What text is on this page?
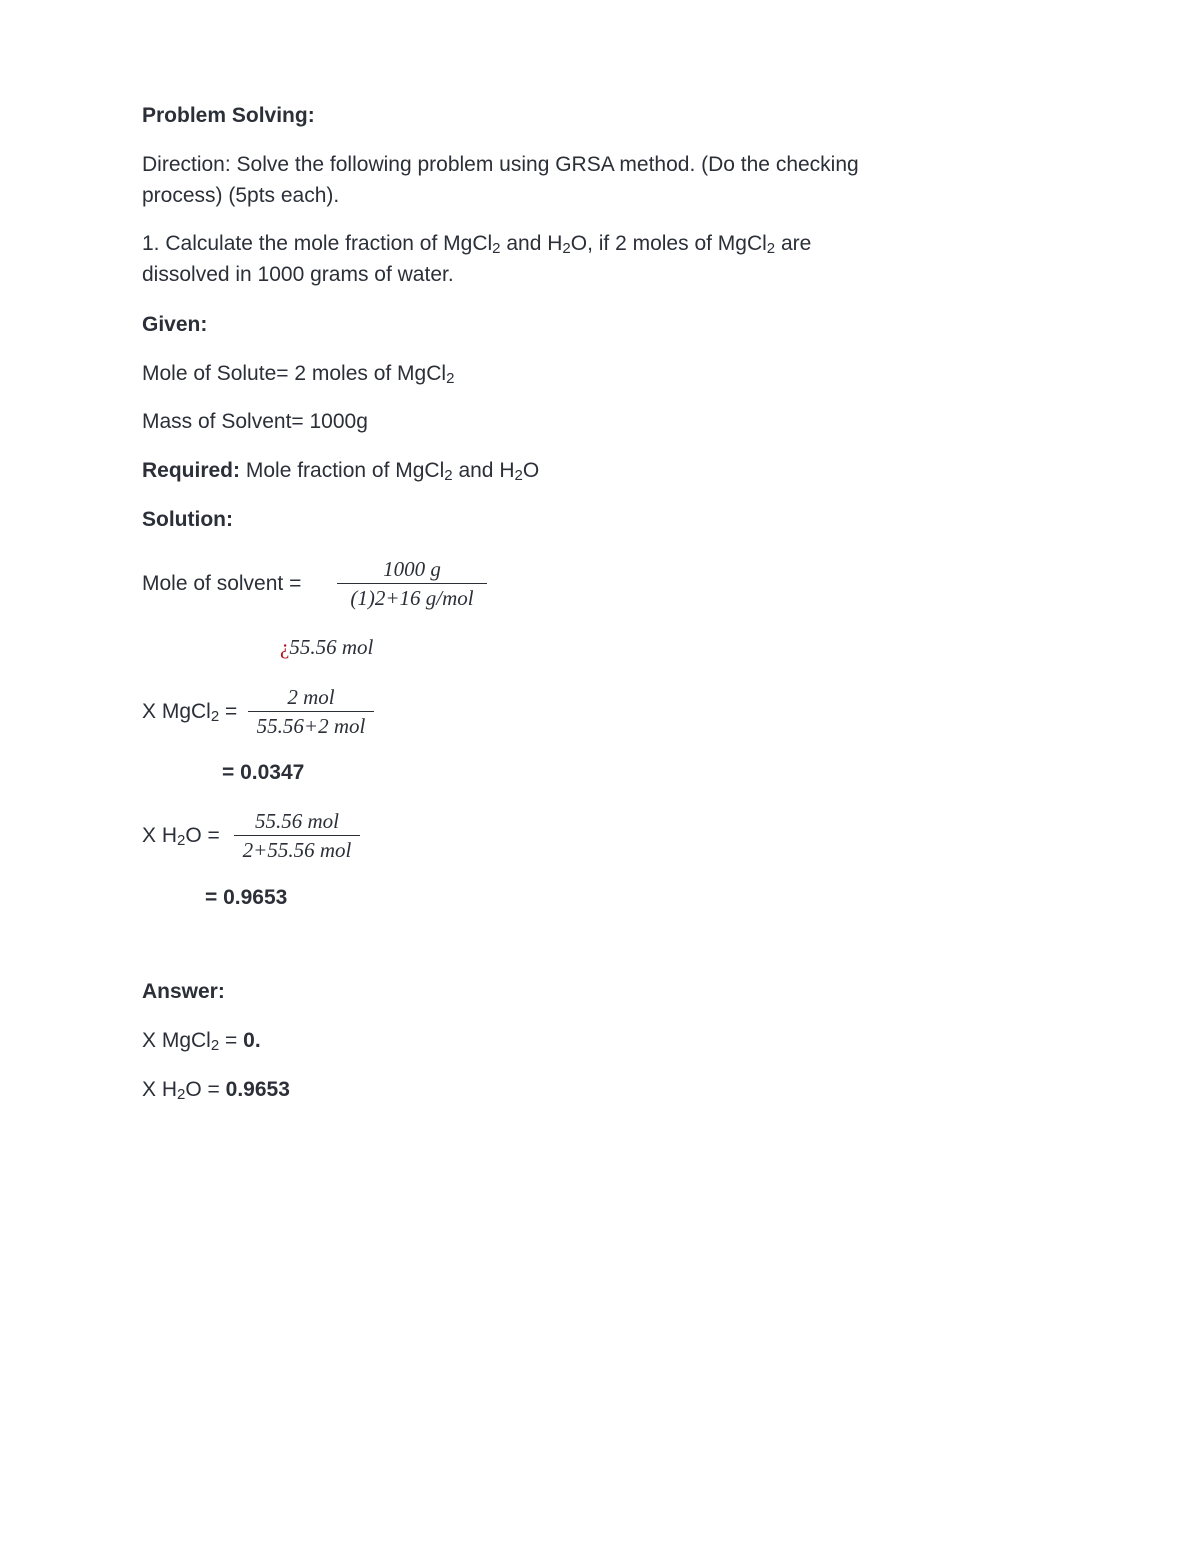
Problem Solving:
Direction: Solve the following problem using GRSA method. (Do the checking
process) (5pts each).
1. Calculate the mole fraction of MgCl$_2$ and $H_2O$, if 2 moles of MgCl$_2$ are
dissolved in 1000 grams of water.
Given:
Mole of Solute= 2 moles of MgCl$_2$
Mass of Solvent= 1000g
Required: Mole fraction of MgCl$_2$ and $H_2O$
Solution:
Mole of solvent =
1000 g
(1)2+16 g/mol
¿55.56 mol
X MgCl$_2$ =
2 mol
55.56+2 mol
= 0.0347
X $H_2O$ =
55.56 mol
2+55.56 mol
= 0.9653
Answer:
X MgCl$_2$ = 0.
X $H_2O = 0.9653$
